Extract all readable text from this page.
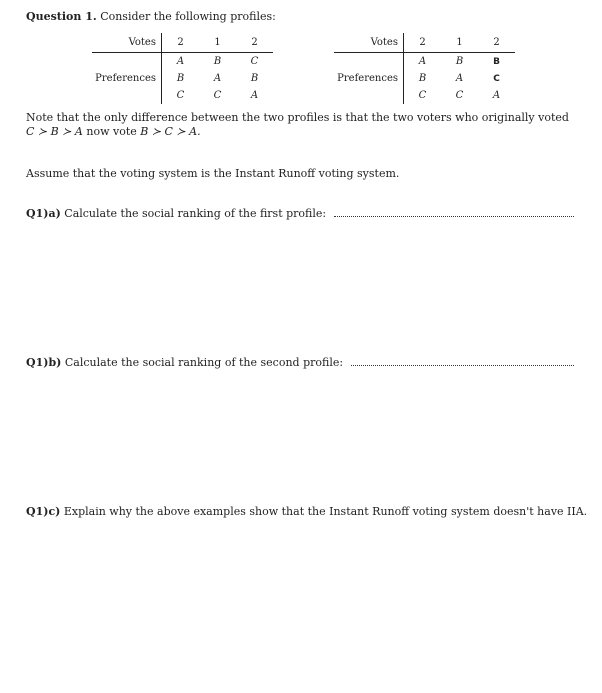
Question 1. Consider the following profiles:
Votes	2	1	2
Preferences	A	B	C
	B	A	B
	C	C	A
Votes	2	1	2
Preferences	A	B	B
	B	A	C
	C	C	A
Note that the only difference between the two profiles is that the two voters who originally voted
C ≻ B ≻ A now vote B ≻ C ≻ A.
Assume that the voting system is the Instant Runoff voting system.
Q1)a)
Calculate the social ranking of the first profile:
Q1)b)
Calculate the social ranking of the second profile:
Q1)c)
Explain why the above examples show that the Instant Runoff voting system doesn't have IIA.
